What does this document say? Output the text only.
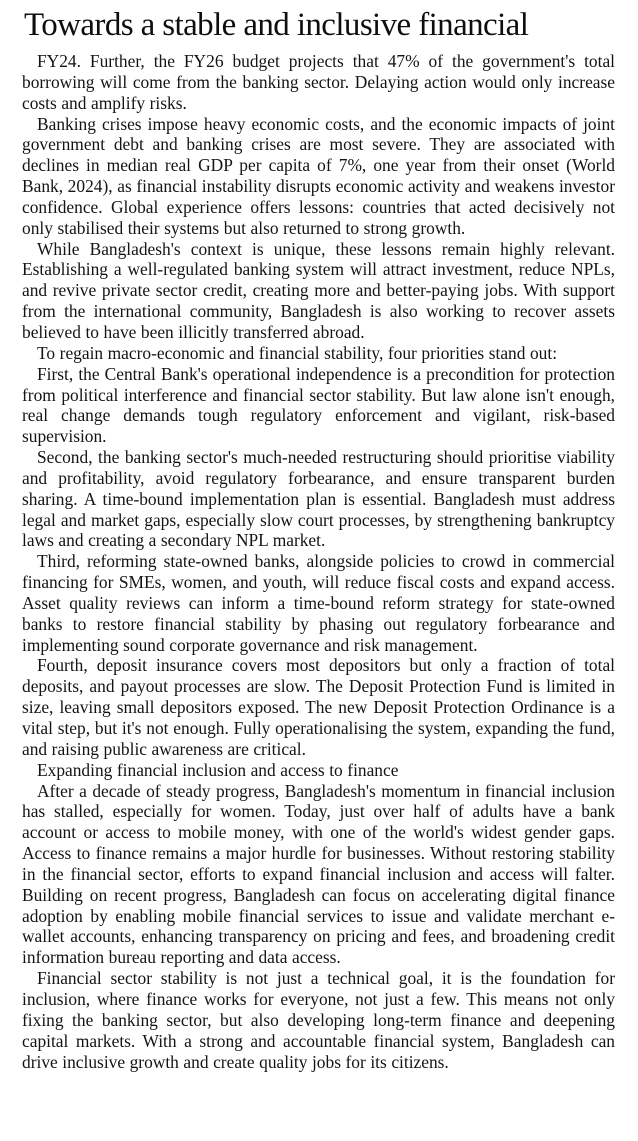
Towards a stable and inclusive financial

FY24. Further, the FY26 budget projects that 47% of the government's total borrowing will come from the banking sector. Delaying action would only increase costs and amplify risks.

Banking crises impose heavy economic costs, and the economic impacts of joint government debt and banking crises are most severe. They are associated with declines in median real GDP per capita of 7%, one year from their onset (World Bank, 2024), as financial instability disrupts economic activity and weakens investor confidence. Global experience offers lessons: countries that acted decisively not only stabilised their systems but also returned to strong growth.

While Bangladesh's context is unique, these lessons remain highly relevant. Establishing a well-regulated banking system will attract investment, reduce NPLs, and revive private sector credit, creating more and better-paying jobs. With support from the international community, Bangladesh is also working to recover assets believed to have been illicitly transferred abroad.

To regain macro-economic and financial stability, four priorities stand out:

First, the Central Bank's operational independence is a precondition for protection from political interference and financial sector stability. But law alone isn't enough, real change demands tough regulatory enforcement and vigilant, risk-based supervision.

Second, the banking sector's much-needed restructuring should prioritise viability and profitability, avoid regulatory forbearance, and ensure transparent burden sharing. A time-bound implementation plan is essential. Bangladesh must address legal and market gaps, especially slow court processes, by strengthening bankruptcy laws and creating a secondary NPL market.

Third, reforming state-owned banks, alongside policies to crowd in commercial financing for SMEs, women, and youth, will reduce fiscal costs and expand access. Asset quality reviews can inform a time-bound reform strategy for state-owned banks to restore financial stability by phasing out regulatory forbearance and implementing sound corporate governance and risk management.

Fourth, deposit insurance covers most depositors but only a fraction of total deposits, and payout processes are slow. The Deposit Protection Fund is limited in size, leaving small depositors exposed. The new Deposit Protection Ordinance is a vital step, but it's not enough. Fully operationalising the system, expanding the fund, and raising public awareness are critical.

Expanding financial inclusion and access to finance

After a decade of steady progress, Bangladesh's momentum in financial inclusion has stalled, especially for women. Today, just over half of adults have a bank account or access to mobile money, with one of the world's widest gender gaps. Access to finance remains a major hurdle for businesses. Without restoring stability in the financial sector, efforts to expand financial inclusion and access will falter. Building on recent progress, Bangladesh can focus on accelerating digital finance adoption by enabling mobile financial services to issue and validate merchant e-wallet accounts, enhancing transparency on pricing and fees, and broadening credit information bureau reporting and data access.

Financial sector stability is not just a technical goal, it is the foundation for inclusion, where finance works for everyone, not just a few. This means not only fixing the banking sector, but also developing long-term finance and deepening capital markets. With a strong and accountable financial system, Bangladesh can drive inclusive growth and create quality jobs for its citizens.
